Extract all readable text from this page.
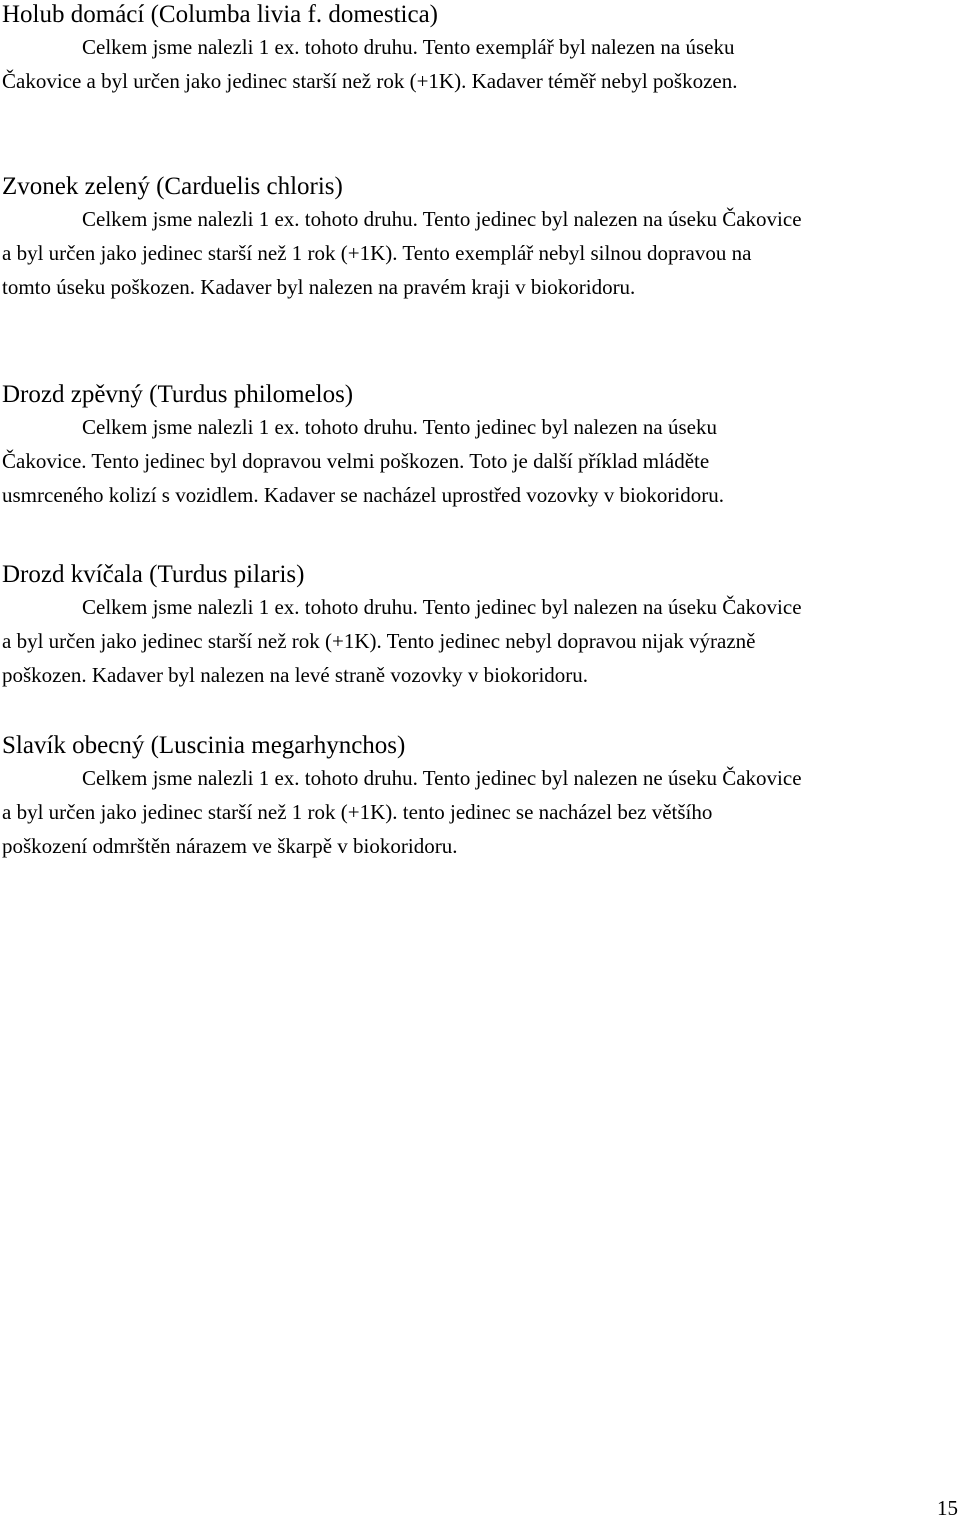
Holub domácí (Columba livia f. domestica)

Celkem jsme nalezli 1 ex. tohoto druhu. Tento exemplář byl nalezen na úseku
Čakovice a byl určen jako jedinec starší než rok (+1K). Kadaver téměř nebyl poškozen.

Zvonek zelený (Carduelis chloris)

Celkem jsme nalezli 1 ex. tohoto druhu. Tento jedinec byl nalezen na úseku Čakovice
a byl určen jako jedinec starší než 1 rok (+1K). Tento exemplář nebyl silnou dopravou na
tomto úseku poškozen. Kadaver byl nalezen na pravém kraji v biokoridoru.

Drozd zpěvný (Turdus philomelos)

Celkem jsme nalezli 1 ex. tohoto druhu. Tento jedinec byl nalezen na úseku
Čakovice. Tento jedinec byl dopravou velmi poškozen. Toto je další příklad mláděte
usmrceného kolizí s vozidlem. Kadaver se nacházel uprostřed vozovky v biokoridoru.

Drozd kvíčala (Turdus pilaris)

Celkem jsme nalezli 1 ex. tohoto druhu. Tento jedinec byl nalezen na úseku Čakovice
a byl určen jako jedinec starší než rok (+1K). Tento jedinec nebyl dopravou nijak výrazně
poškozen. Kadaver byl nalezen na levé straně vozovky v biokoridoru.

Slavík obecný (Luscinia megarhynchos)

Celkem jsme nalezli 1 ex. tohoto druhu. Tento jedinec byl nalezen ne úseku Čakovice
a byl určen jako jedinec starší než 1 rok (+1K). tento jedinec se nacházel bez většího
poškození odmrštěn nárazem ve škarpě v biokoridoru.

15
